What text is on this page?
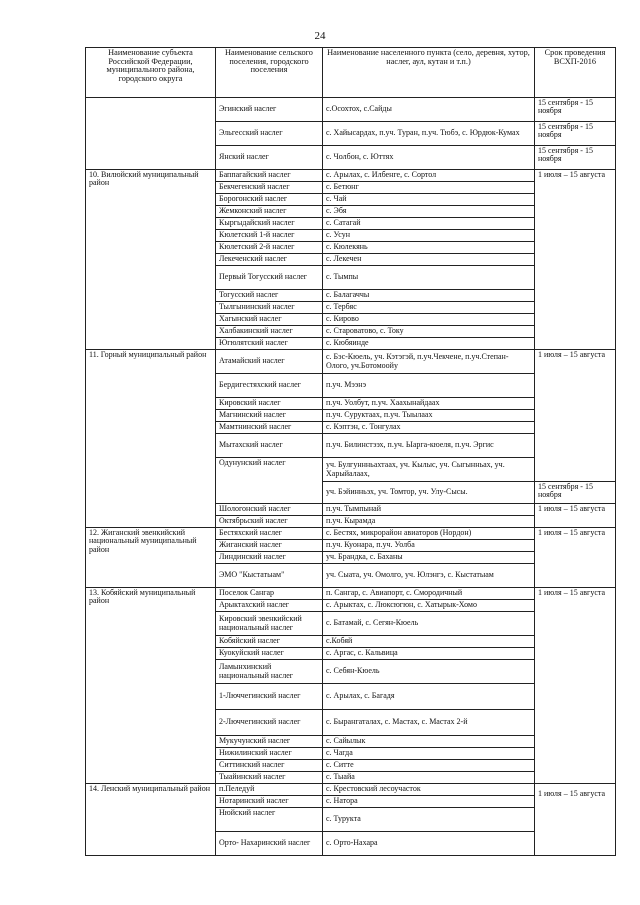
24
Наименование субъекта Российской Федерации, муниципального района, городского округа	Наименование сельского поселения, городского поселения	Наименование населенного пункта (село, деревня, хутор, наслег, аул, кутан и т.п.)	Срок проведения ВСХП-2016
	Эгинский наслег	с.Осохтох, с.Сайды	15 сентября - 15 ноября
	Эльгесский наслег	с. Хайысардах, п.уч. Туран, п.уч. Тюбэ, с. Юрдюк-Кумах	15 сентября - 15 ноября
	Янский наслег	с. Чолбон, с. Юттях	15 сентября - 15 ноября
10. Вилюйский муниципальный район	Баппагайский наслег	с. Арылах, с. Илбенге, с. Сортол	1 июля – 15 августа
	Бекчегенский наслег	с. Бетюнг	
	Борогонский наслег	с. Чай	
	Жемконский наслег	с. Эбя	
	Кыргыдайский наслег	с. Сатагай	
	Кюлетский 1-й наслег	с. Усун	
	Кюлетский 2-й наслег	с. Кюлекянь	
	Лекеченский наслег	с. Лекечен	
	Первый Тогусский наслег	с. Тымпы	
	Тогусский наслег	с. Балагаччы	
	Тылгынинский наслег	с. Тербяс	
	Хагынский наслег	с. Кирово	
	Халбакинский наслег	с. Староватово, с. Току	
	Югюлятский наслег	с. Кюбяинде	
11. Горный муниципальный район	Атамайский наслег	с. Бэс-Кюель, уч. Кэтэгэй, п.уч.Чекчене, п.уч.Степан-Олого, уч.Ботомоойу	1 июля – 15 августа
	Бердигестяхский наслег	п.уч. Мээнэ	
	Кировский наслег	п.уч. Уолбут, п.уч. Хаахынайдаах	
	Магнинский наслег	п.уч. Суруктаах, п.уч. Тыылаах	
	Мамтнинский наслег	с. Кэптэн, с. Тонгулах	
	Мытахский наслег	п.уч. Билинстээх, п.уч. Ыарга-кюеля, п.уч. Эргис	
	Одунунский наслег	уч. Булгуннньахтаах, уч. Кылыс, уч. Сыгынньах, уч. Харыйалаах,	
		уч. Бэйинньэх, уч. Томтор, уч. Улу-Сысы.	15 сентября - 15 ноября
	Шологонский наслег	п.уч. Тымпынай	1 июля – 15 августа
	Октябрьский наслег	п.уч. Кырамда	
12. Жиганский эвенкийский национальный муниципальный район	Бестяхский наслег	с. Бестях, микрорайон авиаторов (Нордон)	1 июля – 15 августа
	Жиганский наслег	п.уч. Куонара, п.уч. Уолба	
	Линдинский наслег	уч. Брандка, с. Баханы	
	ЭМО "Кыстатыам"	уч. Сыата, уч. Омолго, уч. Юлэнгэ, с. Кыстатыам	
13. Кобяйский муниципальный район	Поселок Сангар	п. Сангар, с. Авиапорт, с. Смородичный	1 июля – 15 августа
	Арыктахский наслег	с. Арыктах, с. Люксюгюн, с. Хатырык-Хомо	
	Кировский эвенкийский национальный наслег	с. Батамай, с. Сегян-Кюель	
	Кобяйский наслег	с.Кобяй	
	Куокуйский наслег	с. Аргас, с. Кальвица	
	Ламынхинский национальный наслег	с. Себян-Кюель	
	1-Люччегинский наслег	с. Арылах, с. Багадя	
	2-Люччегинский наслег	с. Бырангаталах, с. Мастах, с. Мастах 2-й	
	Мукучунский наслег	с. Сайылык	
	Нижилинский наслег	с. Чагда	
	Ситтинский наслег	с. Ситте	
	Тыайинский наслег	с. Тыайа	
14. Ленский муниципальный район	п.Пеледуй	с. Крестовский лесоучасток	1 июля – 15 августа
	Нотаринский наслег	с. Натора	
	Нюйский наслег	с. Турукта	
	Орто- Нахаринский наслег	с. Орто-Нахара	
